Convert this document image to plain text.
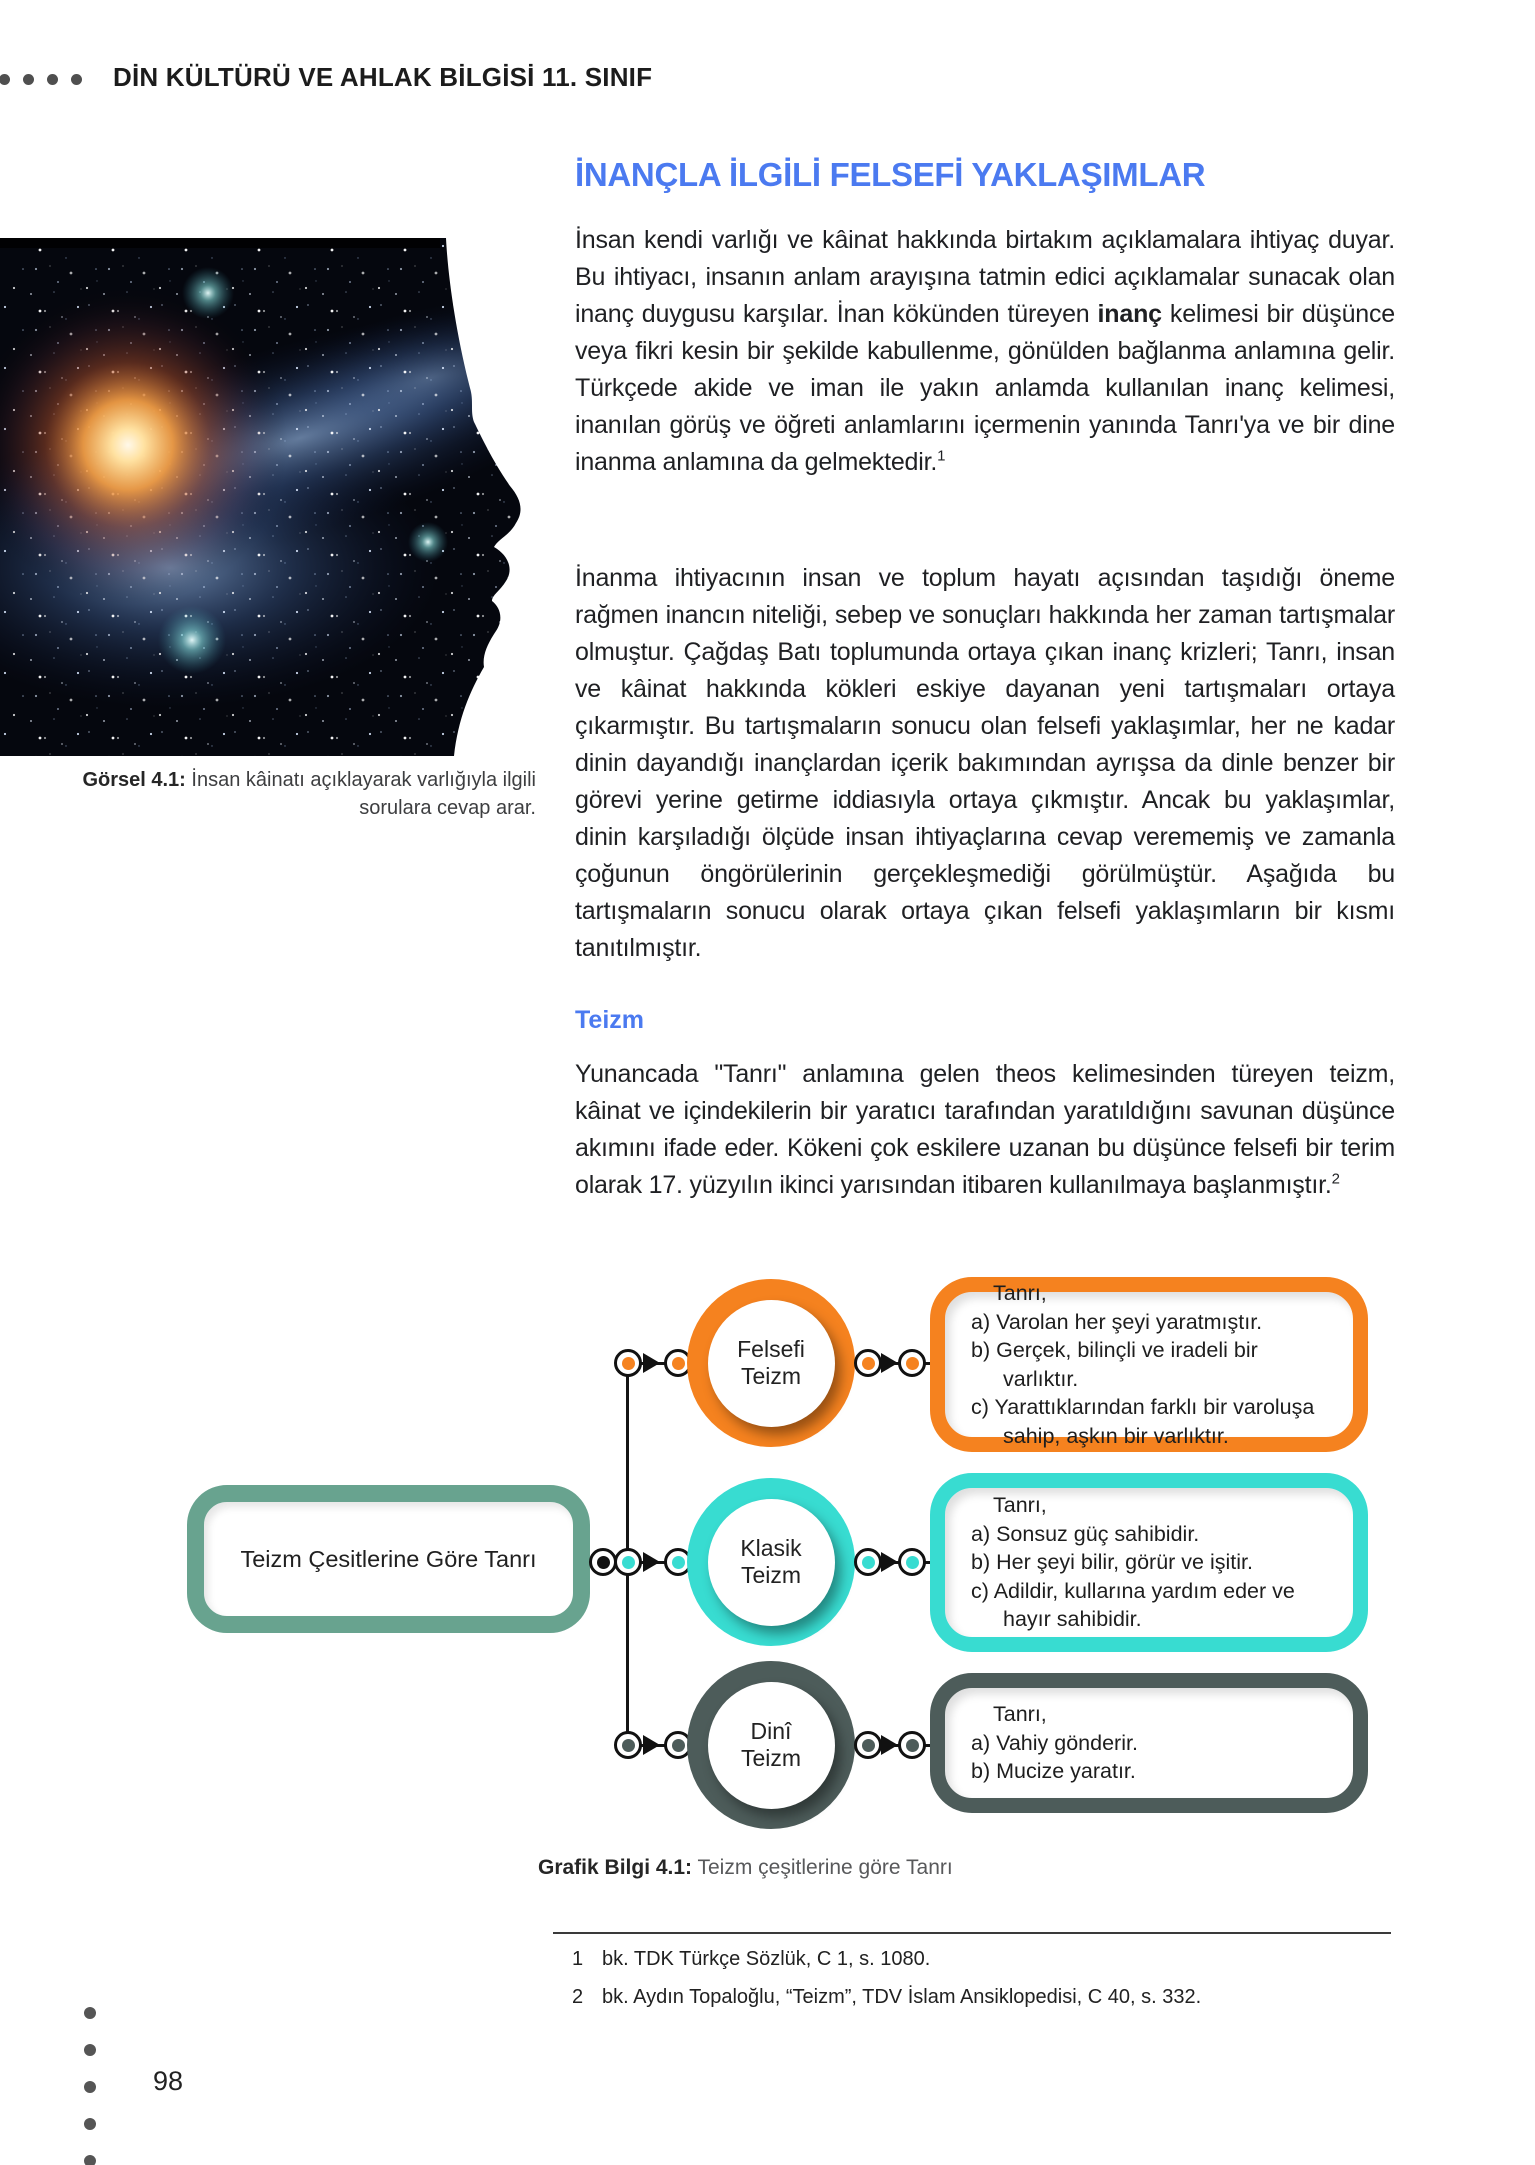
DİN KÜLTÜRÜ VE AHLAK BİLGİSİ 11. SINIF
Görsel 4.1: İnsan kâinatı açıklayarak varlığıyla ilgili sorulara cevap arar.
İNANÇLA İLGİLİ FELSEFİ YAKLAŞIMLAR

İnsan kendi varlığı ve kâinat hakkında birtakım açıklamalara ihtiyaç duyar. Bu ihtiyacı, insanın anlam arayışına tatmin edici açıklamalar sunacak olan inanç duygusu karşılar. İnan kökünden türeyen inanç kelimesi bir düşünce veya fikri kesin bir şekilde kabullenme, gönülden bağlanma anlamına gelir. Türkçede akide ve iman ile yakın anlamda kullanılan inanç kelimesi, inanılan görüş ve öğreti anlamlarını içermenin yanında Tanrı'ya ve bir dine inanma anlamına da gelmektedir.$^1$

İnanma ihtiyacının insan ve toplum hayatı açısından taşıdığı öneme rağmen inancın niteliği, sebep ve sonuçları hakkında her zaman tartışmalar olmuştur. Çağdaş Batı toplumunda ortaya çıkan inanç krizleri; Tanrı, insan ve kâinat hakkında kökleri eskiye dayanan yeni tartışmaları ortaya çıkarmıştır. Bu tartışmaların sonucu olan felsefi yaklaşımlar, her ne kadar dinin dayandığı inançlardan içerik bakımından ayrışsa da dinle benzer bir görevi yerine getirme iddiasıyla ortaya çıkmıştır. Ancak bu yaklaşımlar, dinin karşıladığı ölçüde insan ihtiyaçlarına cevap verememiş ve zamanla çoğunun öngörülerinin gerçekleşmediği görülmüştür. Aşağıda bu tartışmaların sonucu olarak ortaya çıkan felsefi yaklaşımların bir kısmı tanıtılmıştır.

Teizm

Yunancada "Tanrı" anlamına gelen theos kelimesinden türeyen teizm, kâinat ve içindekilerin bir yaratıcı tarafından yaratıldığını savunan düşünce akımını ifade eder. Kökeni çok eskilere uzanan bu düşünce felsefi bir terim olarak 17. yüzyılın ikinci yarısından itibaren kullanılmaya başlanmıştır.$^2$

Teizm Çesitlerine Göre Tanrı
Felsefi
Teizm
Tanrı,
a) Varolan her şeyi yaratmıştır.
b) Gerçek, bilinçli ve iradeli bir varlıktır.
c) Yarattıklarından farklı bir varoluşa sahip, aşkın bir varlıktır.
Klasik
Teizm
Tanrı,
a) Sonsuz güç sahibidir.
b) Her şeyi bilir, görür ve işitir.
c) Adildir, kullarına yardım eder ve hayır sahibidir.
Dinî
Teizm
Tanrı,
a) Vahiy gönderir.
b) Mucize yaratır.
Grafik Bilgi 4.1: Teizm çeşitlerine göre Tanrı
1 bk. TDK Türkçe Sözlük, C 1, s. 1080.
2 bk. Aydın Topaloğlu, “Teizm”, TDV İslam Ansiklopedisi, C 40, s. 332.
98
